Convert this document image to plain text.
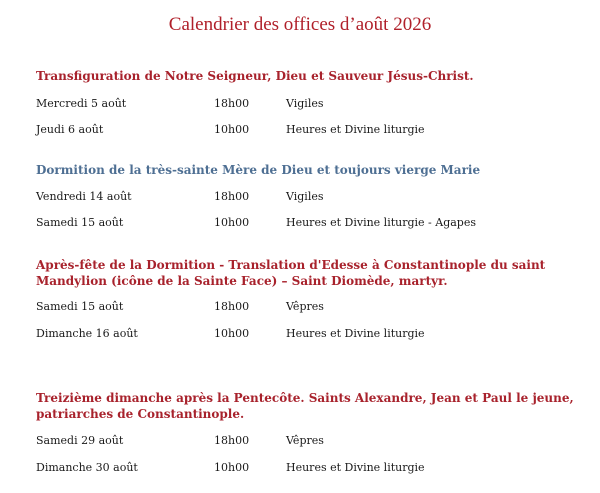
Calendrier des offices d’août 2026

Transfiguration de Notre Seigneur, Dieu et Sauveur Jésus-Christ.

Mercredi 5 août	18h00	Vigiles
Jeudi 6 août	10h00	Heures et Divine liturgie

Dormition de la très-sainte Mère de Dieu et toujours vierge Marie

Vendredi 14 août	18h00	Vigiles
Samedi 15 août	10h00	Heures et Divine liturgie - Agapes

Après-fête de la Dormition - Translation d'Edesse à Constantinople du saint

Mandylion (icône de la Sainte Face) – Saint Diomède, martyr.

Samedi 15 août	18h00	Vêpres
Dimanche 16 août	10h00	Heures et Divine liturgie

Treizième dimanche après la Pentecôte. Saints Alexandre, Jean et Paul le jeune,

patriarches de Constantinople.

Samedi 29 août	18h00	Vêpres
Dimanche 30 août	10h00	Heures et Divine liturgie
